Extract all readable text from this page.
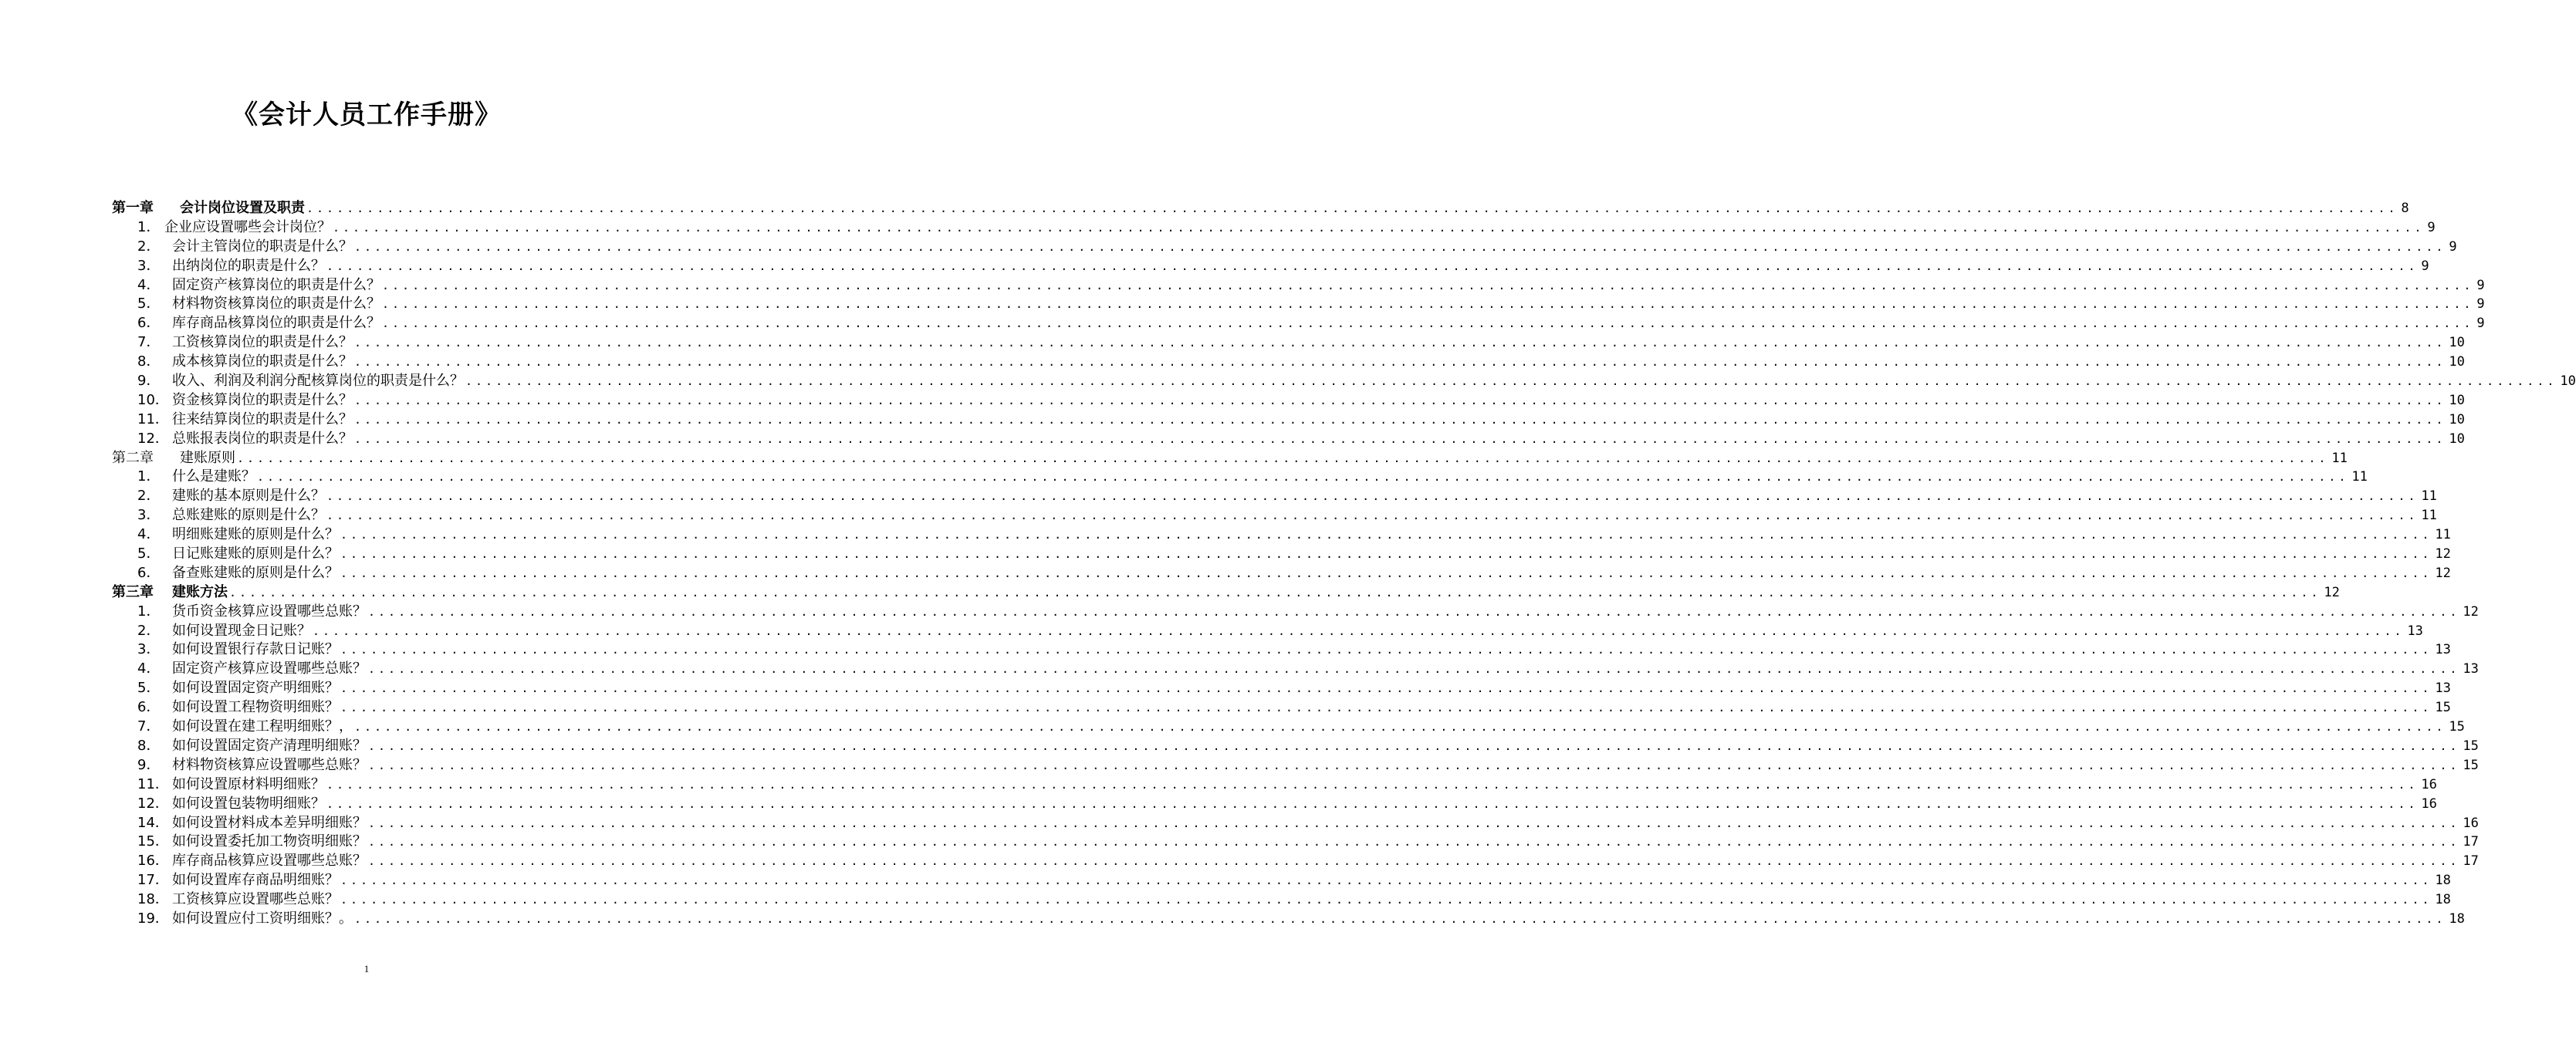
《会计人员工作手册》
第一章	会计岗位设置及职责 .....	8
1． 企业应设置哪些会计岗位？ .....	9
2． 会计主管岗位的职责是什么？ .....	9
3． 出纳岗位的职责是什么？ .....	9
4． 固定资产核算岗位的职责是什么？ .....	9
5． 材料物资核算岗位的职责是什么？ .....	9
6． 库存商品核算岗位的职责是什么？ .....	9
7． 工资核算岗位的职责是什么？ .....	10
8． 成本核算岗位的职责是什么？ .....	10
9． 收入、利润及利润分配核算岗位的职责是什么？ .....	10
10． 资金核算岗位的职责是什么？ .....	10
11． 往来结算岗位的职责是什么？ .....	10
12． 总账报表岗位的职责是什么？ .....	10
第二章	建账原则 .....	11
1． 什么是建账？ .....	11
2． 建账的基本原则是什么？ .....	11
3． 总账建账的原则是什么？ .....	11
4． 明细账建账的原则是什么？ .....	11
5． 日记账建账的原则是什么？ .....	12
6． 备查账建账的原则是什么？ .....	12
第三章	建账方法 .....	12
1． 货币资金核算应设置哪些总账？ .....	12
2． 如何设置现金日记账？ .....	13
3． 如何设置银行存款日记账？ .....	13
4． 固定资产核算应设置哪些总账？ .....	13
5． 如何设置固定资产明细账？ .....	13
6． 如何设置工程物资明细账？ .....	15
7． 如何设置在建工程明细账？， .....	15
8． 如何设置固定资产清理明细账？ .....	15
9． 材料物资核算应设置哪些总账？ .....	15
11． 如何设置原材料明细账？ .....	16
12． 如何设置包装物明细账？ .....	16
14． 如何设置材料成本差异明细账？ .....	16
15． 如何设置委托加工物资明细账？ .....	17
16． 库存商品核算应设置哪些总账？ .....	17
17． 如何设置库存商品明细账？ .....	18
18． 工资核算应设置哪些总账？ .....	18
19． 如何设置应付工资明细账？。 .....	18
1
